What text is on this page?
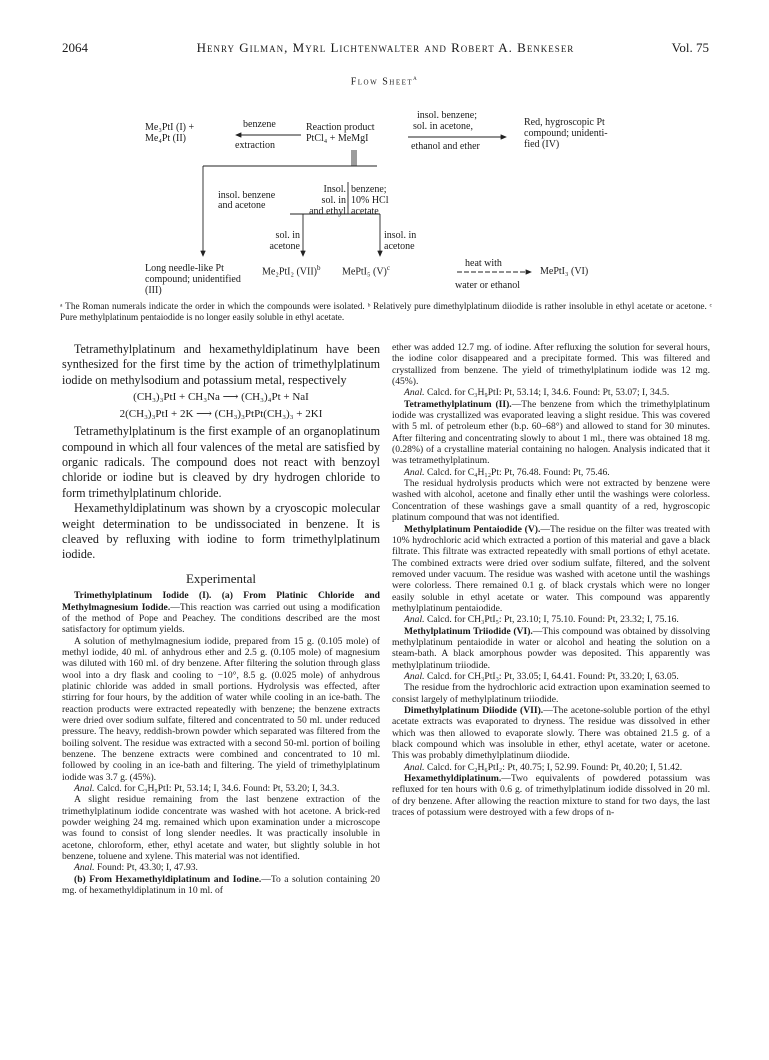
2064	Henry Gilman, Myrl Lichtenwalter and Robert A. Benkeser	Vol. 75
Flow Sheet$^a$
Me₃PtI (I) +
Me₄Pt (II)
benzene
extraction
Reaction product
PtCl₄ + MeMgI
insol. benzene;
sol. in acetone,
ethanol and ether
Red, hygroscopic Pt
compound; unidenti-
fied (IV)
insol. benzene
and acetone
Insol.
sol. in
and ethyl
benzene;
10% HCl
acetate
sol. in
acetone
insol. in
acetone
Long needle-like Pt
compound; unidentified
(III)
Me₂PtI₂ (VII)$^b$ MePtI₅ $(V)^c$	heat with
water or ethanol
MePtI₃ (VI)
ᵃ The Roman numerals indicate the order in which the compounds were isolated. ᵇ Relatively pure dimethylplatinum diiodide is rather insoluble in ethyl acetate or acetone. ᶜ Pure methylplatinum pentaiodide is no longer easily soluble in ethyl acetate.

Tetramethylplatinum and hexamethyldiplatinum have been synthesized for the first time by the action of trimethylplatinum iodide on methylsodium and potassium metal, respectively

(CH₃)₃PtI + CH₃Na ⟶ (CH₃)₄Pt + NaI
2(CH₃)₃PtI + 2K ⟶ (CH₃)₃PtPt(CH₃)₃ + 2KI

Tetramethylplatinum is the first example of an organoplatinum compound in which all four valences of the metal are satisfied by organic radicals. The compound does not react with benzoyl chloride or iodine but is cleaved by dry hydrogen chloride to form trimethylplatinum chloride.

Hexamethyldiplatinum was shown by a cryoscopic molecular weight determination to be undissociated in benzene. It is cleaved by refluxing with iodine to form trimethylplatinum iodide.

Experimental

Trimethylplatinum Iodide (I). (a) From Platinic Chloride and Methylmagnesium Iodide.—This reaction was carried out using a modification of the method of Pope and Peachey. The conditions described are the most satisfactory for optimum yields.

A solution of methylmagnesium iodide, prepared from 15 g. (0.105 mole) of methyl iodide, 40 ml. of anhydrous ether and 2.5 g. (0.105 mole) of magnesium was diluted with 160 ml. of dry benzene. After filtering the solution through glass wool into a dry flask and cooling to −10°, 8.5 g. (0.025 mole) of anhydrous platinic chloride was added in small portions. Hydrolysis was effected, after stirring for four hours, by the addition of water while cooling in an ice-bath. The reaction products were extracted repeatedly with benzene; the benzene extracts were dried over sodium sulfate, filtered and concentrated to 50 ml. under reduced pressure. The heavy, reddish-brown powder which separated was filtered from the boiling solvent. The residue was extracted with a second 50-ml. portion of boiling benzene. The benzene extracts were combined and concentrated to 10 ml. followed by cooling in an ice-bath and filtering. The yield of trimethylplatinum iodide was 3.7 g. (45%).

Anal. Calcd. for C₃H₉PtI: Pt, 53.14; I, 34.6. Found: Pt, 53.20; I, 34.3.

A slight residue remaining from the last benzene extraction of the trimethylplatinum iodide concentrate was washed with hot acetone. A brick-red powder weighing 24 mg. remained which upon examination under a microscope was found to consist of long slender needles. It was practically insoluble in acetone, chloroform, ether, ethyl acetate and water, but slightly soluble in hot benzene, toluene and xylene. This material was not identified.

Anal. Found: Pt, 43.30; I, 47.93.

(b) From Hexamethyldiplatinum and Iodine.—To a solution containing 20 mg. of hexamethyldiplatinum in 10 ml. of

ether was added 12.7 mg. of iodine. After refluxing the solution for several hours, the iodine color disappeared and a precipitate formed. This was filtered and crystallized from benzene. The yield of trimethylplatinum iodide was 12 mg. (45%).

Anal. Calcd. for C₃H₉PtI: Pt, 53.14; I, 34.6. Found: Pt, 53.07; I, 34.5.

Tetramethylplatinum (II).—The benzene from which the trimethylplatinum iodide was crystallized was evaporated leaving a slight residue. This was covered with 5 ml. of petroleum ether (b.p. 60–68°) and allowed to stand for 30 minutes. After filtering and concentrating slowly to about 1 ml., there was obtained 18 mg. (0.28%) of a crystalline material containing no halogen. Analysis indicated that it was tetramethylplatinum.

Anal. Calcd. for C₄H₁₂Pt: Pt, 76.48. Found: Pt, 75.46.

The residual hydrolysis products which were not extracted by benzene were washed with alcohol, acetone and finally ether until the washings were colorless. Concentration of these washings gave a small quantity of a red, hygroscopic platinum compound that was not identified.

Methylplatinum Pentaiodide (V).—The residue on the filter was treated with 10% hydrochloric acid which extracted a portion of this material and gave a black filtrate. This filtrate was extracted repeatedly with small portions of ethyl acetate. The combined extracts were dried over sodium sulfate, filtered, and the solvent removed under vacuum. The residue was washed with acetone until the washings were colorless. There remained 0.1 g. of black crystals which were no longer easily soluble in ethyl acetate or water. This compound was apparently methylplatinum pentaiodide.

Anal. Calcd. for CH₃PtI₅: Pt, 23.10; I, 75.10. Found: Pt, 23.32; I, 75.16.

Methylplatinum Triiodide (VI).—This compound was obtained by dissolving methylplatinum pentaiodide in water or alcohol and heating the solution on a steam-bath. A black amorphous powder was deposited. This apparently was methylplatinum triiodide.

Anal. Calcd. for CH₃PtI₃: Pt, 33.05; I, 64.41. Found: Pt, 33.20; I, 63.05.

The residue from the hydrochloric acid extraction upon examination seemed to consist largely of methylplatinum triiodide.

Dimethylplatinum Diiodide (VII).—The acetone-soluble portion of the ethyl acetate extracts was evaporated to dryness. The residue was dissolved in ether which was then allowed to evaporate slowly. There was obtained 21.5 g. of a black compound which was insoluble in ether, ethyl acetate, water or acetone. This was probably dimethylplatinum diiodide.

Anal. Calcd. for C₂H₆PtI₂: Pt, 40.75; I, 52.99. Found: Pt, 40.20; I, 51.42.

Hexamethyldiplatinum.—Two equivalents of powdered potassium was refluxed for ten hours with 0.6 g. of trimethylplatinum iodide dissolved in 20 ml. of dry benzene. After allowing the reaction mixture to stand for two days, the last traces of potassium were destroyed with a few drops of n-
